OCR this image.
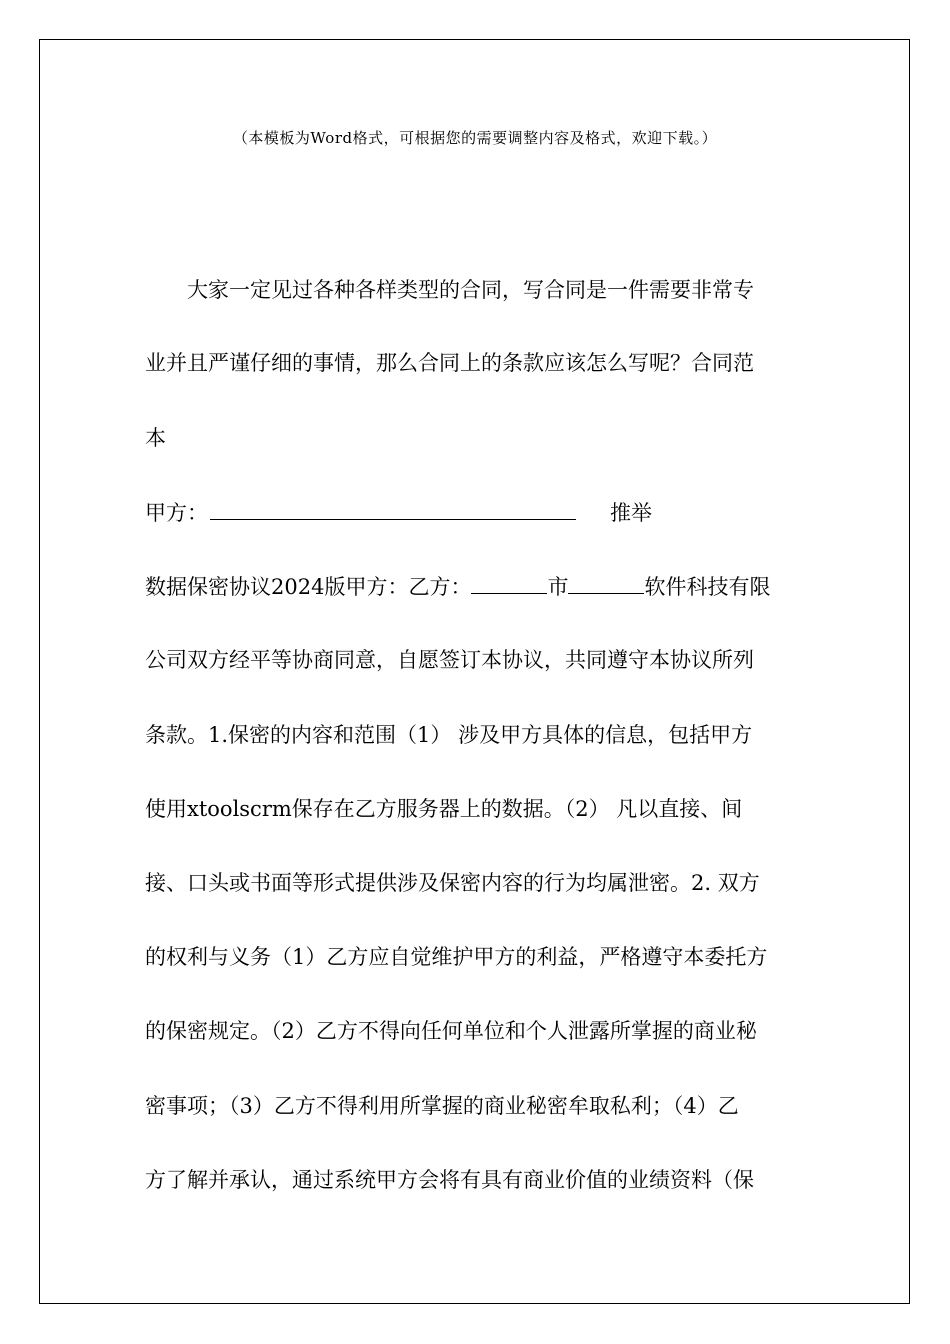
（本模板为Word格式，可根据您的需要调整内容及格式，欢迎下载。）
大家一定见过各种各样类型的合同，写合同是一件需要非常专
业并且严谨仔细的事情，那么合同上的条款应该怎么写呢？合同范
本
甲方：	推举
数据保密协议2024版甲方：乙方：	市	软件科技有限
公司双方经平等协商同意，自愿签订本协议，共同遵守本协议所列
条款。1.保密的内容和范围（1） 涉及甲方具体的信息，包括甲方
使用xtoolscrm保存在乙方服务器上的数据。（2） 凡以直接、间
接、口头或书面等形式提供涉及保密内容的行为均属泄密。2. 双方
的权利与义务（1）乙方应自觉维护甲方的利益，严格遵守本委托方
的保密规定。（2）乙方不得向任何单位和个人泄露所掌握的商业秘
密事项；（3）乙方不得利用所掌握的商业秘密牟取私利；（4）乙
方了解并承认，通过系统甲方会将有具有商业价值的业绩资料（保
